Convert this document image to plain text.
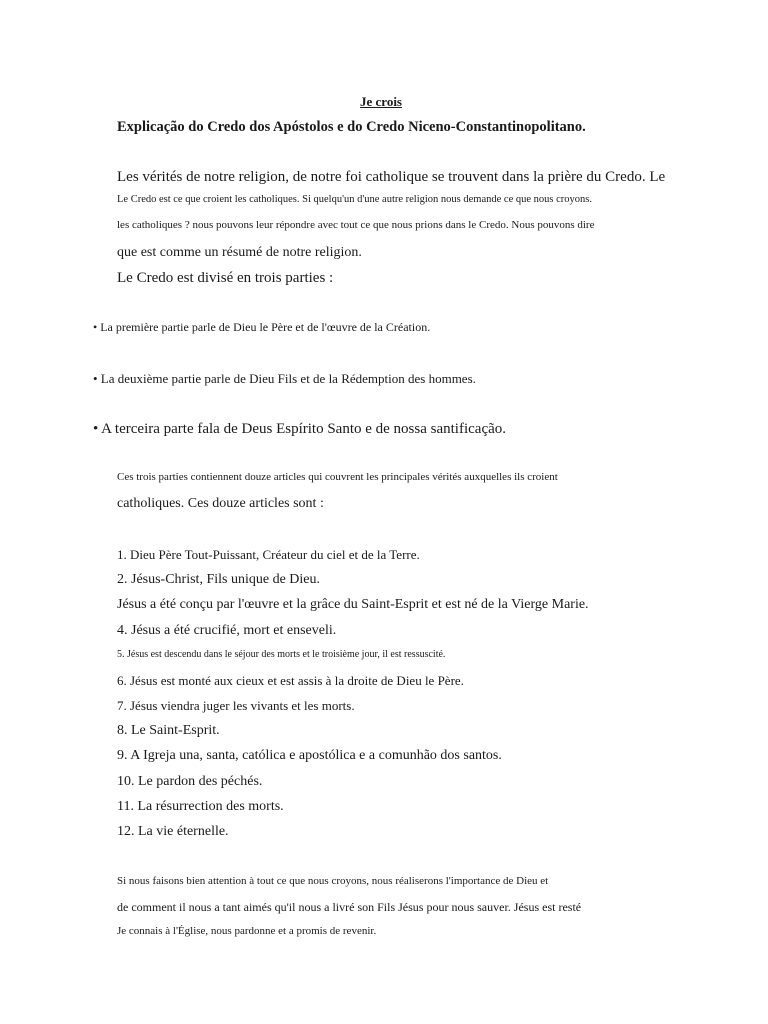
Je crois
Explicação do Credo dos Apóstolos e do Credo Niceno-Constantinopolitano.
Les vérités de notre religion, de notre foi catholique se trouvent dans la prière du Credo. Le
Le Credo est ce que croient les catholiques. Si quelqu'un d'une autre religion nous demande ce que nous croyons.
les catholiques ? nous pouvons leur répondre avec tout ce que nous prions dans le Credo. Nous pouvons dire
que est comme un résumé de notre religion.
Le Credo est divisé en trois parties :
• La première partie parle de Dieu le Père et de l'œuvre de la Création.
• La deuxième partie parle de Dieu Fils et de la Rédemption des hommes.
• A terceira parte fala de Deus Espírito Santo e de nossa santificação.
Ces trois parties contiennent douze articles qui couvrent les principales vérités auxquelles ils croient
catholiques. Ces douze articles sont :
1. Dieu Père Tout-Puissant, Créateur du ciel et de la Terre.
2. Jésus-Christ, Fils unique de Dieu.
Jésus a été conçu par l'œuvre et la grâce du Saint-Esprit et est né de la Vierge Marie.
4. Jésus a été crucifié, mort et enseveli.
5. Jésus est descendu dans le séjour des morts et le troisième jour, il est ressuscité.
6. Jésus est monté aux cieux et est assis à la droite de Dieu le Père.
7. Jésus viendra juger les vivants et les morts.
8. Le Saint-Esprit.
9. A Igreja una, santa, católica e apostólica e a comunhão dos santos.
10. Le pardon des péchés.
11. La résurrection des morts.
12. La vie éternelle.
Si nous faisons bien attention à tout ce que nous croyons, nous réaliserons l'importance de Dieu et
de comment il nous a tant aimés qu'il nous a livré son Fils Jésus pour nous sauver. Jésus est resté
Je connais à l'Église, nous pardonne et a promis de revenir.
